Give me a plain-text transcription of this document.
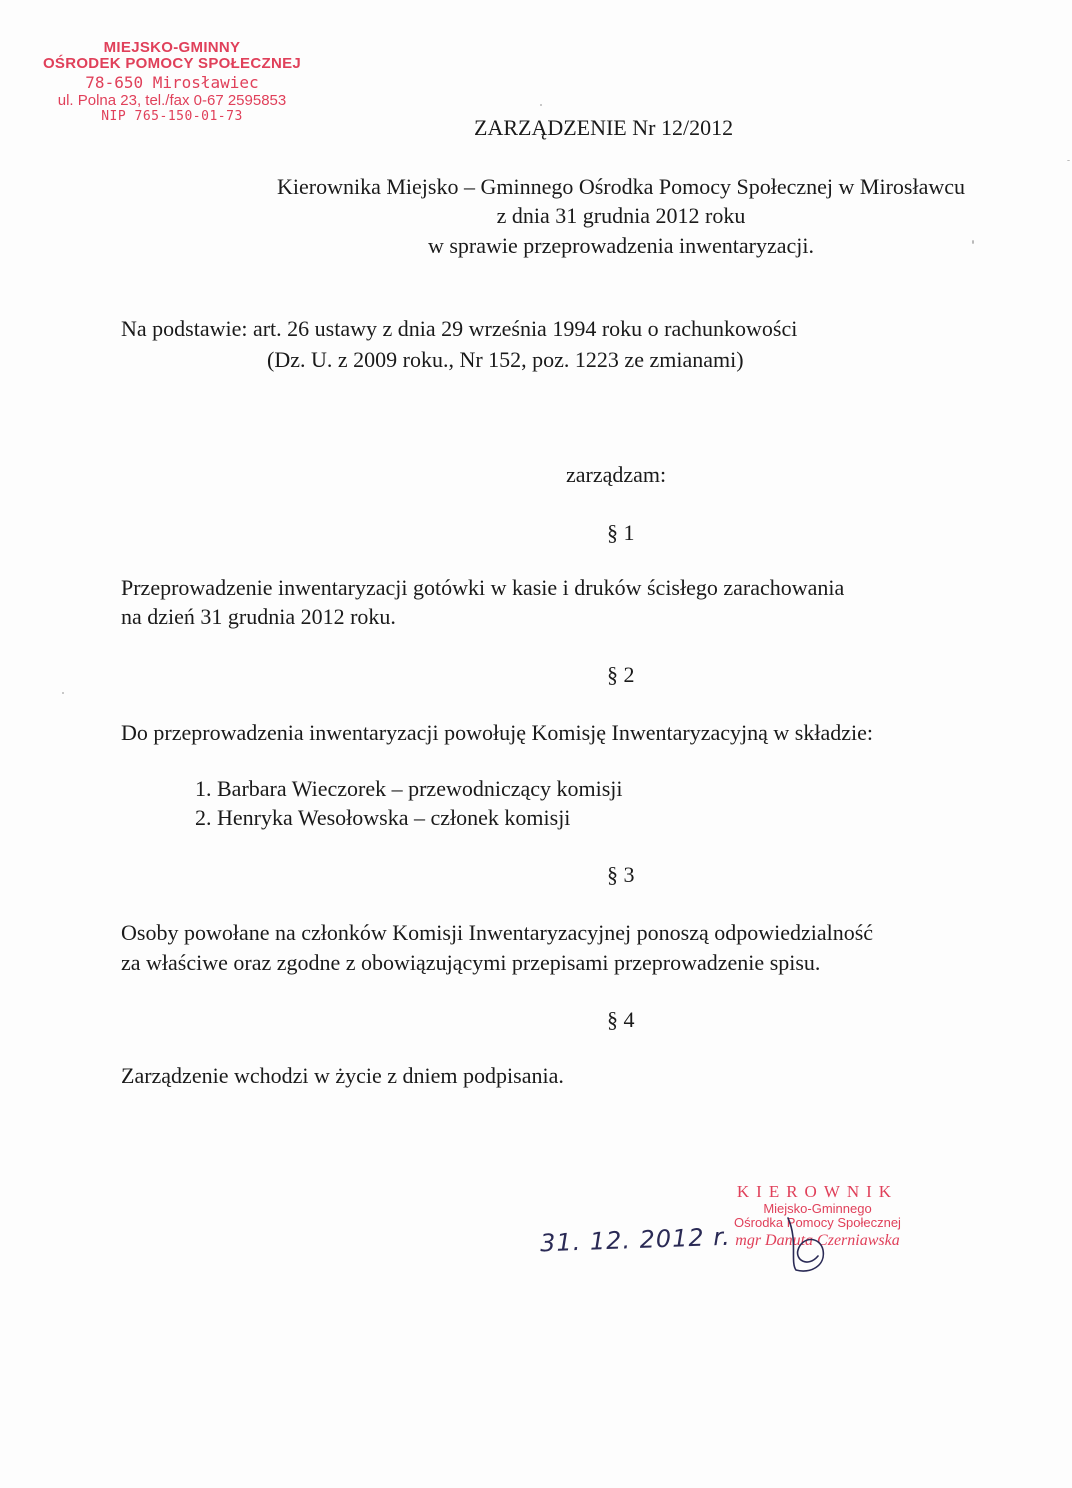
MIEJSKO-GMINNY
OŚRODEK POMOCY SPOŁECZNEJ
78-650 Mirosławiec
ul. Polna 23, tel./fax 0-67 2595853
NIP 765-150-01-73	ZARZĄDZENIE Nr 12/2012
Kierownika Miejsko – Gminnego Ośrodka Pomocy Społecznej w Mirosławcu
z dnia 31 grudnia 2012 roku
w sprawie przeprowadzenia inwentaryzacji.
Na podstawie: art. 26 ustawy z dnia 29 września 1994 roku o rachunkowości
(Dz. U. z 2009 roku., Nr 152, poz. 1223 ze zmianami)
zarządzam:
§ 1
Przeprowadzenie inwentaryzacji gotówki w kasie i druków ścisłego zarachowania
na dzień 31 grudnia 2012 roku.
§ 2
Do przeprowadzenia inwentaryzacji powołuję Komisję Inwentaryzacyjną w składzie:
1. Barbara Wieczorek – przewodniczący komisji
2. Henryka Wesołowska – członek komisji
§ 3
Osoby powołane na członków Komisji Inwentaryzacyjnej ponoszą odpowiedzialność
za właściwe oraz zgodne z obowiązującymi przepisami przeprowadzenie spisu.
§ 4
Zarządzenie wchodzi w życie z dniem podpisania.
31. 12. 2012 r.
KIEROWNIK
Miejsko-Gminnego
Ośrodka Pomocy Społecznej
mgr Danuta Czerniawska
